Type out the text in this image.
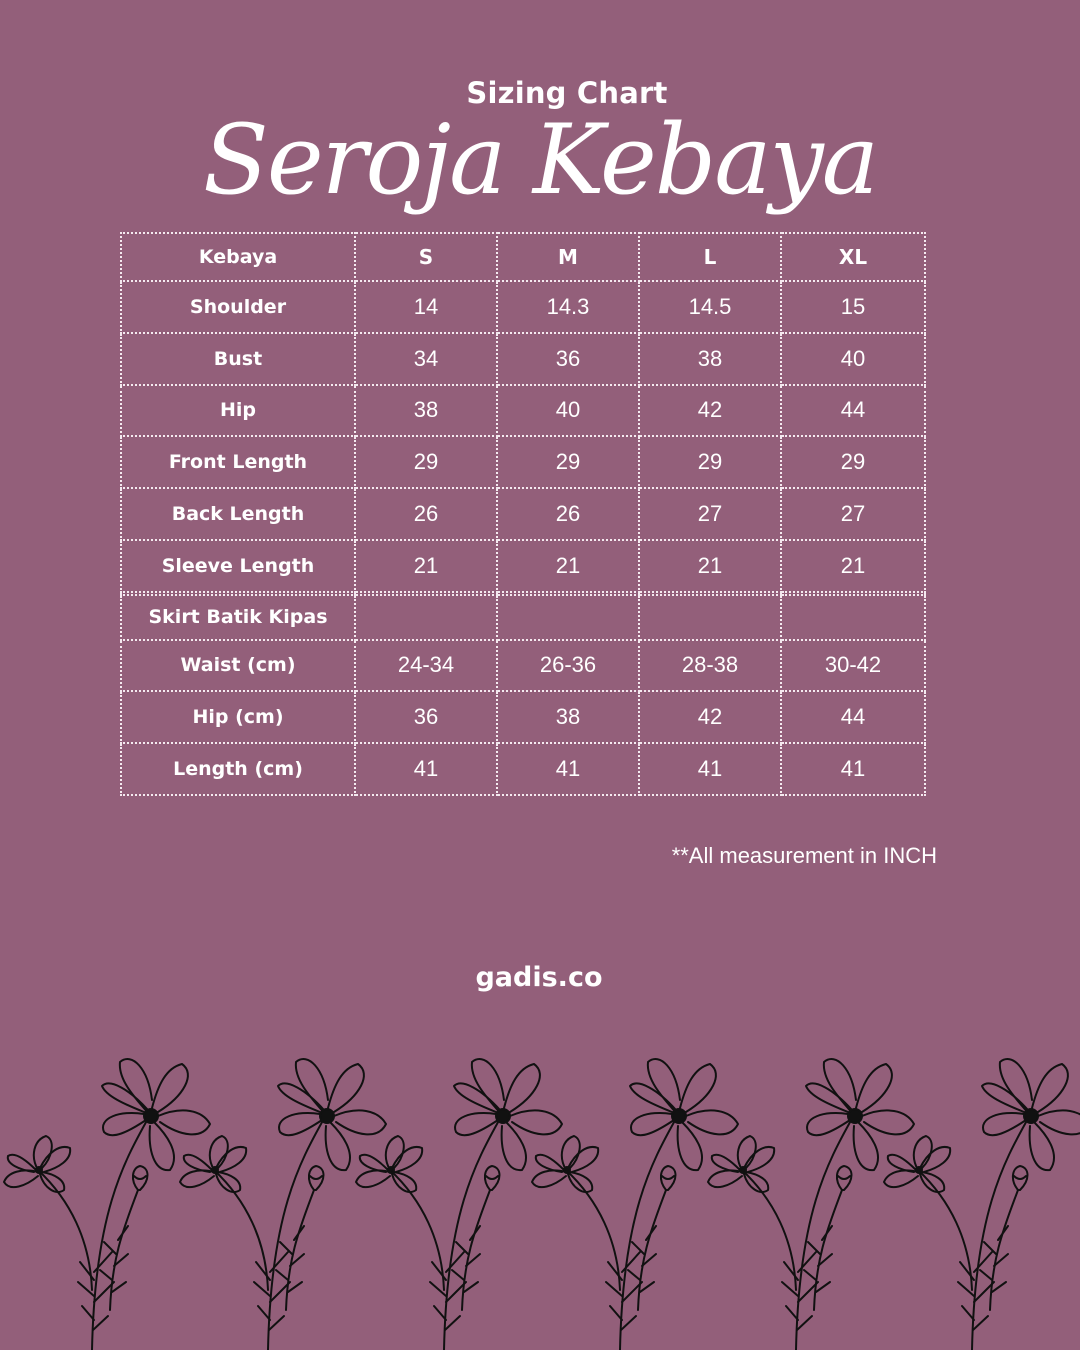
Sizing Chart
Seroja Kebaya
Kebaya	S	M	L	XL
Shoulder	14	14.3	14.5	15
Bust	34	36	38	40
Hip	38	40	42	44
Front Length	29	29	29	29
Back Length	26	26	27	27
Sleeve Length	21	21	21	21

Skirt Batik Kipas				
Waist (cm)	24-34	26-36	28-38	30-42
Hip (cm)	36	38	42	44
Length (cm)	41	41	41	41
**All measurement in INCH
gadis.co
